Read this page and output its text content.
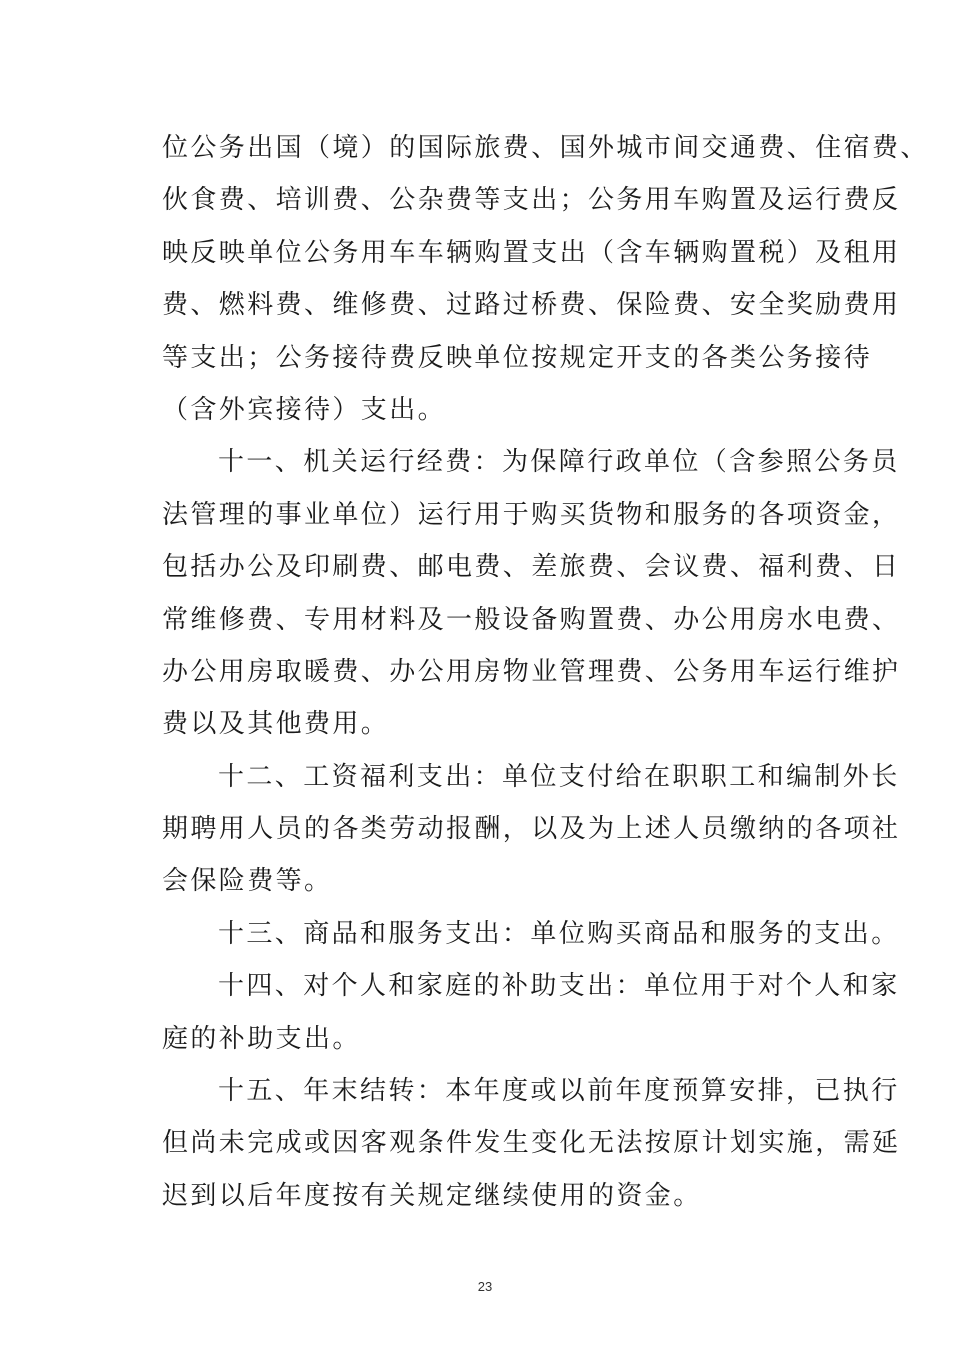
位公务出国（境）的国际旅费、国外城市间交通费、住宿费、
伙食费、培训费、公杂费等支出；公务用车购置及运行费反
映反映单位公务用车车辆购置支出（含车辆购置税）及租用
费、燃料费、维修费、过路过桥费、保险费、安全奖励费用
等支出；公务接待费反映单位按规定开支的各类公务接待
（含外宾接待）支出。
十一、机关运行经费：为保障行政单位（含参照公务员
法管理的事业单位）运行用于购买货物和服务的各项资金，
包括办公及印刷费、邮电费、差旅费、会议费、福利费、日
常维修费、专用材料及一般设备购置费、办公用房水电费、
办公用房取暖费、办公用房物业管理费、公务用车运行维护
费以及其他费用。
十二、工资福利支出：单位支付给在职职工和编制外长
期聘用人员的各类劳动报酬，以及为上述人员缴纳的各项社
会保险费等。
十三、商品和服务支出：单位购买商品和服务的支出。
十四、对个人和家庭的补助支出：单位用于对个人和家
庭的补助支出。
十五、年末结转：本年度或以前年度预算安排，已执行
但尚未完成或因客观条件发生变化无法按原计划实施，需延
迟到以后年度按有关规定继续使用的资金。
23
